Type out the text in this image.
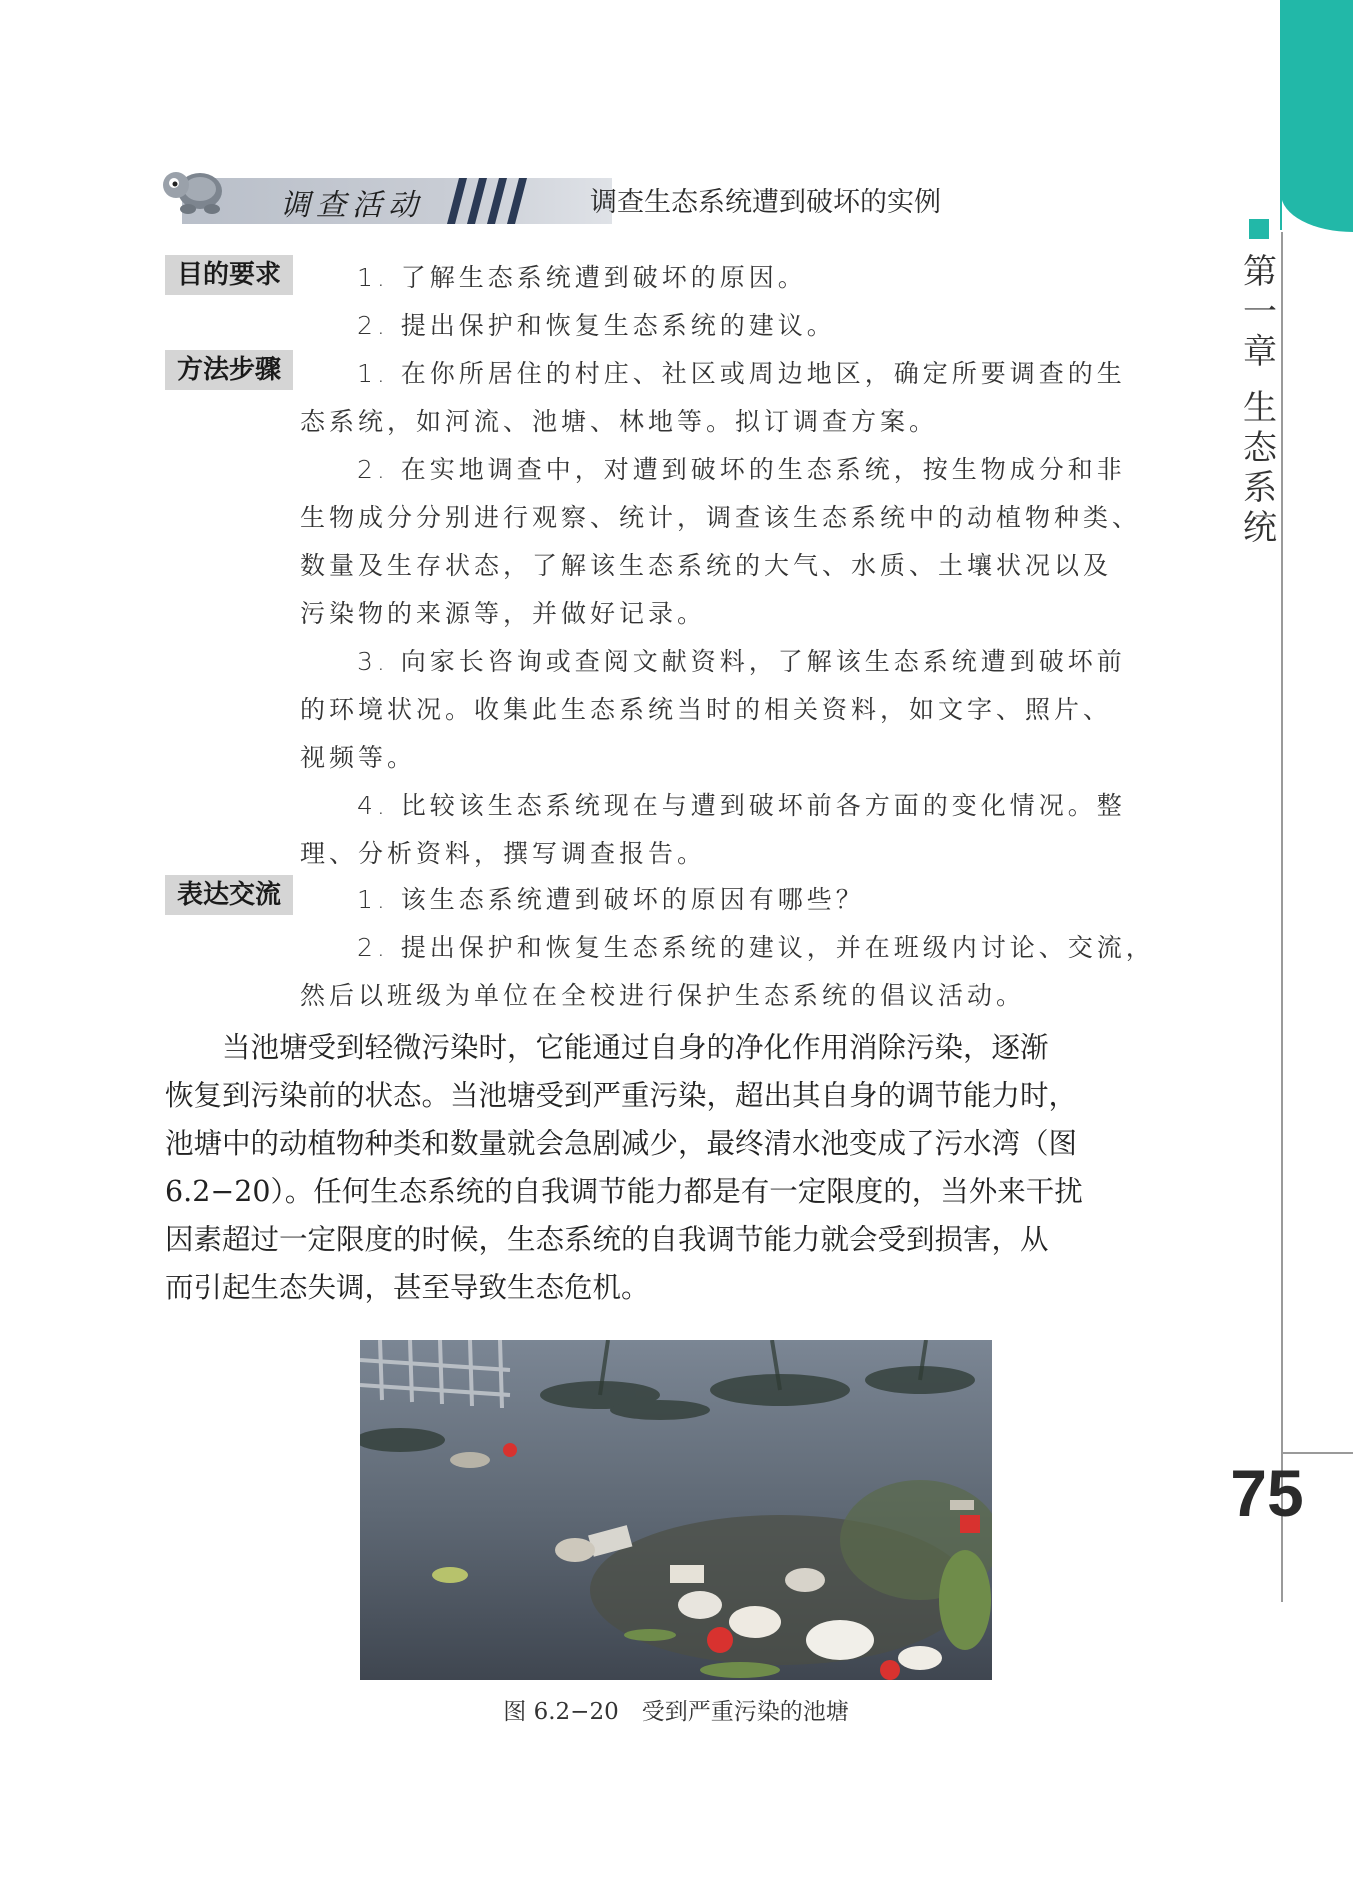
第
一
章
生
态
系
统
75
调查活动	调查生态系统遭到破坏的实例
目的要求	1. 了解生态系统遭到破坏的原因。
2. 提出保护和恢复生态系统的建议。
方法步骤	1. 在你所居住的村庄、社区或周边地区，确定所要调查的生
态系统，如河流、池塘、林地等。拟订调查方案。
2. 在实地调查中，对遭到破坏的生态系统，按生物成分和非
生物成分分别进行观察、统计，调查该生态系统中的动植物种类、
数量及生存状态，了解该生态系统的大气、水质、土壤状况以及
污染物的来源等，并做好记录。
3. 向家长咨询或查阅文献资料，了解该生态系统遭到破坏前
的环境状况。收集此生态系统当时的相关资料，如文字、照片、
视频等。
4. 比较该生态系统现在与遭到破坏前各方面的变化情况。整
理、分析资料，撰写调查报告。
表达交流	1. 该生态系统遭到破坏的原因有哪些？
2. 提出保护和恢复生态系统的建议，并在班级内讨论、交流，
然后以班级为单位在全校进行保护生态系统的倡议活动。
当池塘受到轻微污染时，它能通过自身的净化作用消除污染，逐渐
恢复到污染前的状态。当池塘受到严重污染，超出其自身的调节能力时，
池塘中的动植物种类和数量就会急剧减少，最终清水池变成了污水湾（图
6.2−20）。任何生态系统的自我调节能力都是有一定限度的，当外来干扰
因素超过一定限度的时候，生态系统的自我调节能力就会受到损害，从
而引起生态失调，甚至导致生态危机。
图 6.2−20　受到严重污染的池塘
